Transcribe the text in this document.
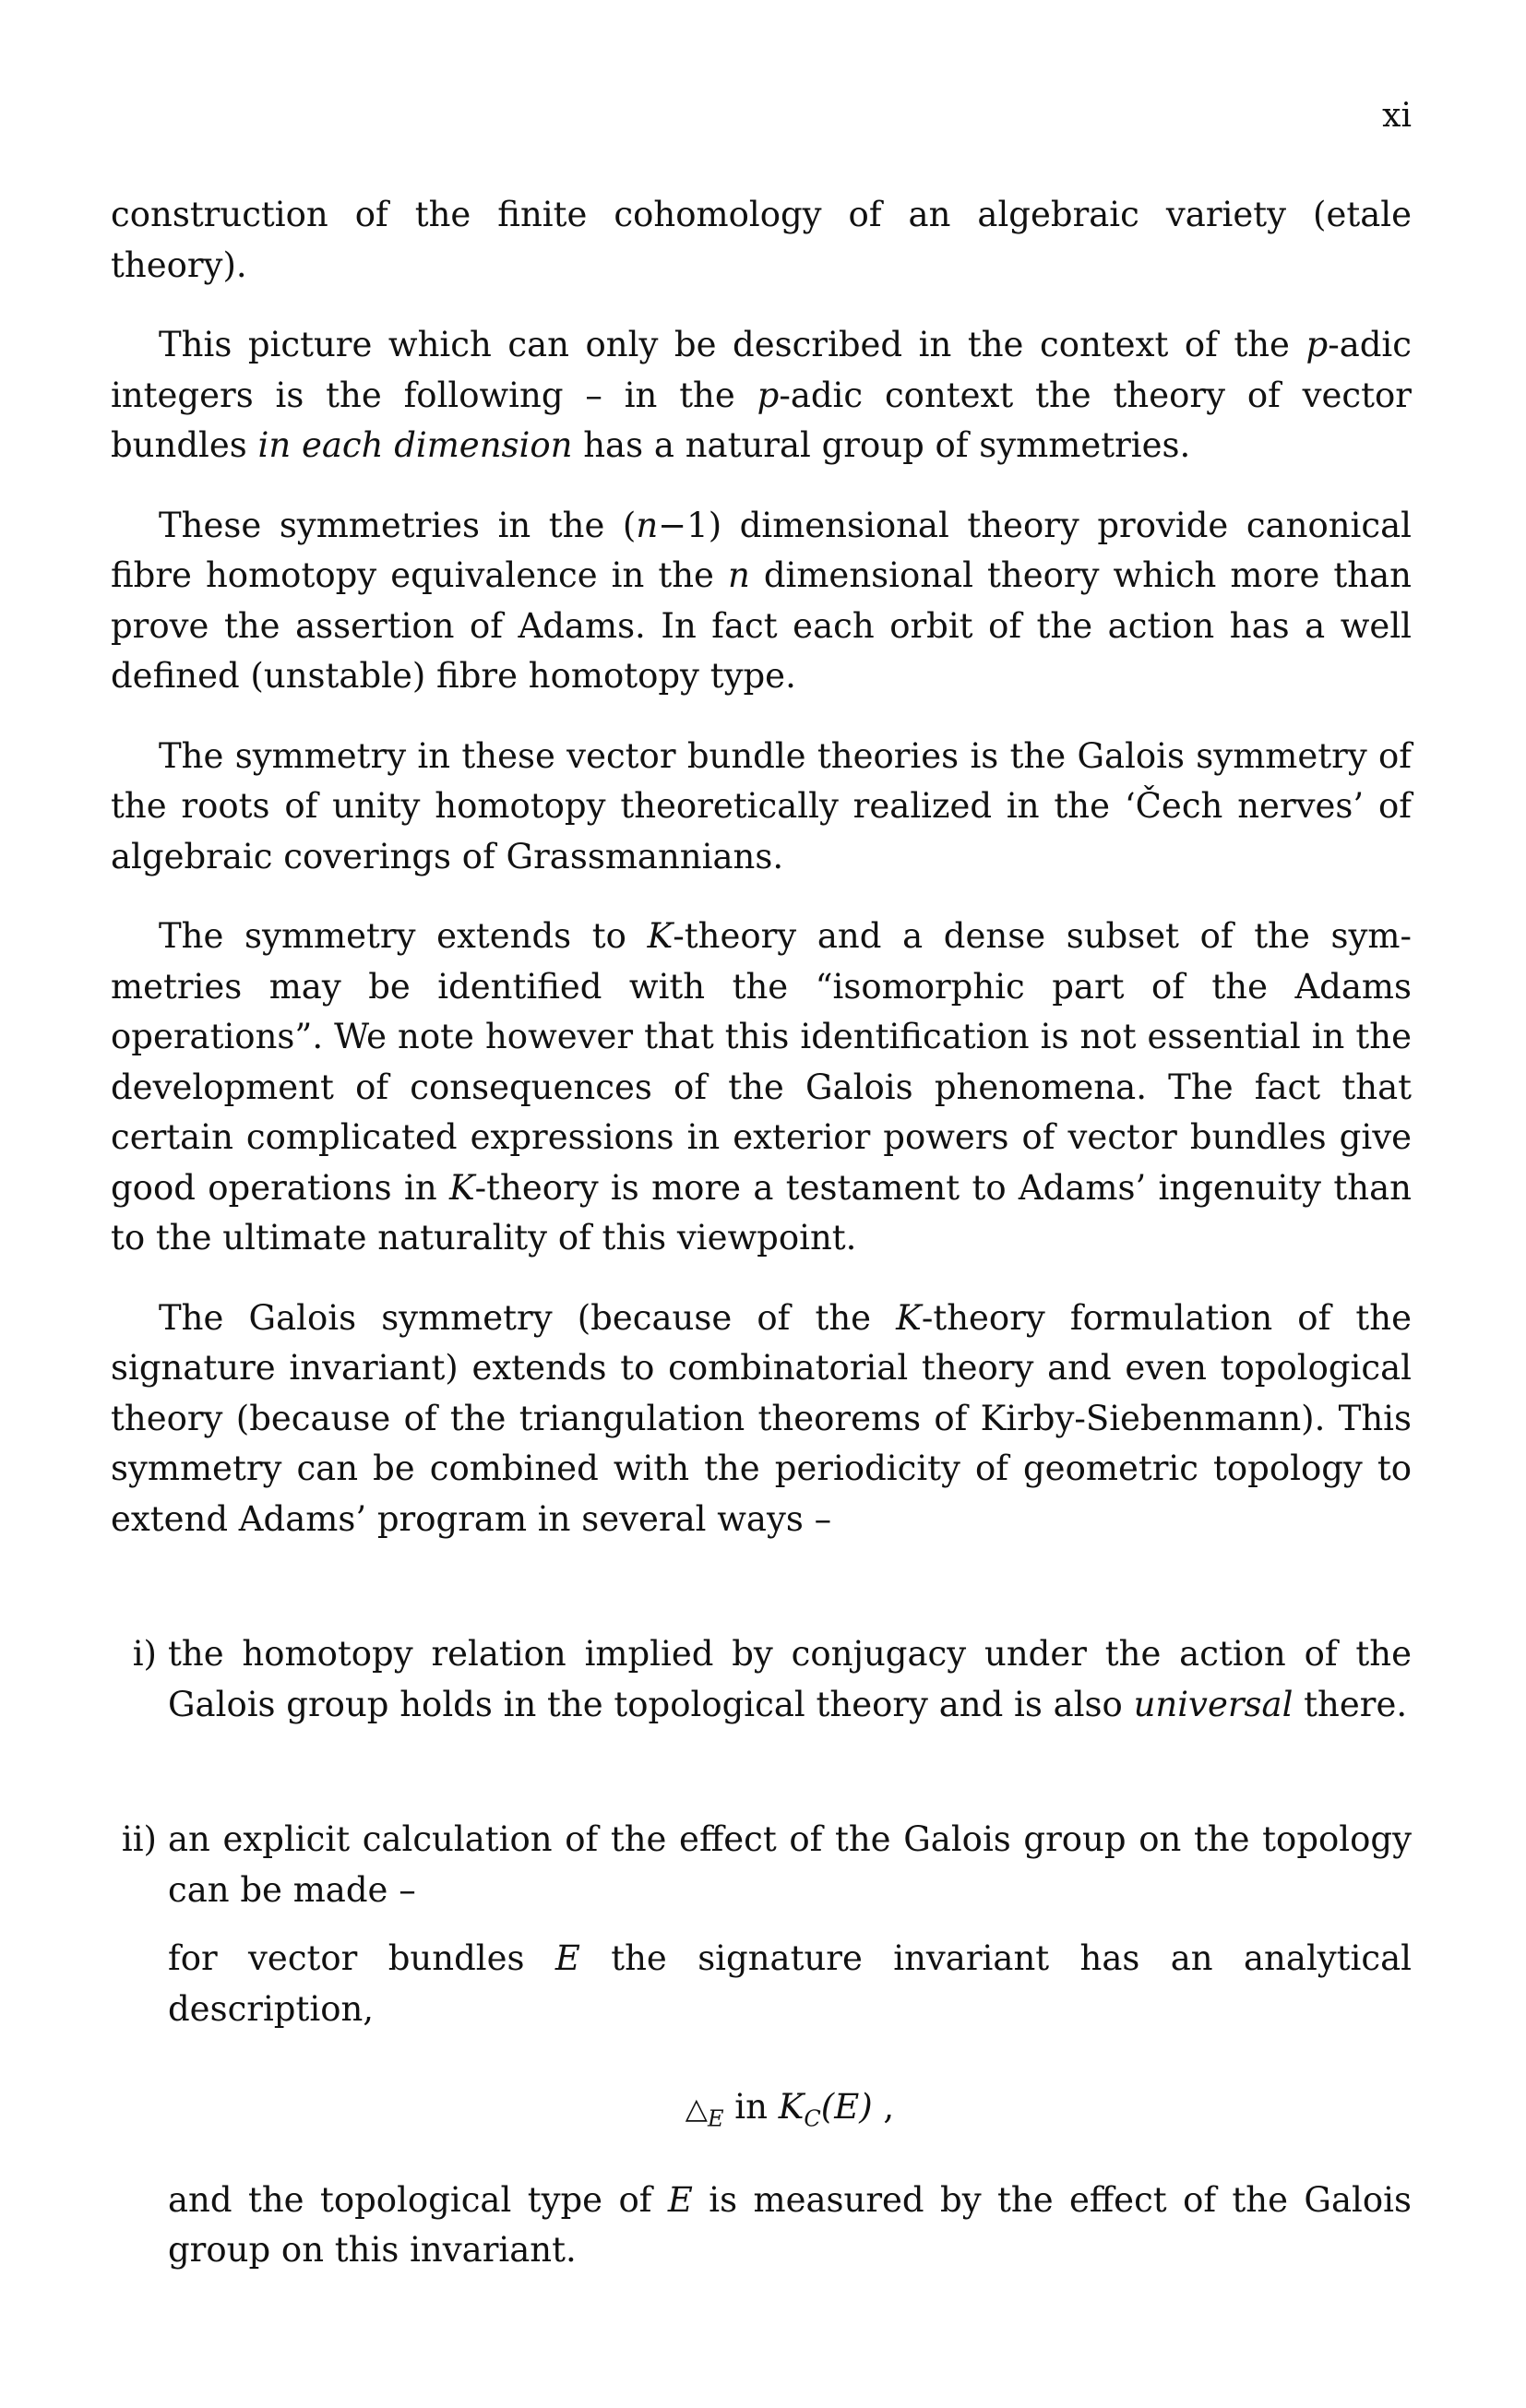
xi

construction of the finite cohomology of an algebraic variety (etale theory).

This picture which can only be described in the context of the p-adic integers is the following – in the p-adic context the theory of vector bundles in each dimension has a natural group of symmetries.

These symmetries in the (n−1) dimensional theory provide canonical fibre homotopy equivalence in the n dimensional theory which more than prove the assertion of Adams. In fact each orbit of the action has a well defined (unstable) fibre homotopy type.

The symmetry in these vector bundle theories is the Galois symmetry of the roots of unity homotopy theoretically realized in the ‘Čech nerves’ of algebraic coverings of Grassmannians.

The symmetry extends to K-theory and a dense subset of the symmetries may be identified with the “isomorphic part of the Adams operations”. We note however that this identification is not essential in the development of consequences of the Galois phenomena. The fact that certain complicated expressions in exterior powers of vector bundles give good operations in K-theory is more a testament to Adams’ ingenuity than to the ultimate naturality of this viewpoint.

The Galois symmetry (because of the K-theory formulation of the signature invariant) extends to combinatorial theory and even topological theory (because of the triangulation theorems of Kirby-Siebenmann). This symmetry can be combined with the periodicity of geometric topology to extend Adams’ program in several ways –

i) the homotopy relation implied by conjugacy under the action of the Galois group holds in the topological theory and is also universal there.

ii) an explicit calculation of the effect of the Galois group on the topology can be made –

for vector bundles E the signature invariant has an analytical description,

$\triangle_E$ in $K_C(E)$ ,

and the topological type of E is measured by the effect of the Galois group on this invariant.
